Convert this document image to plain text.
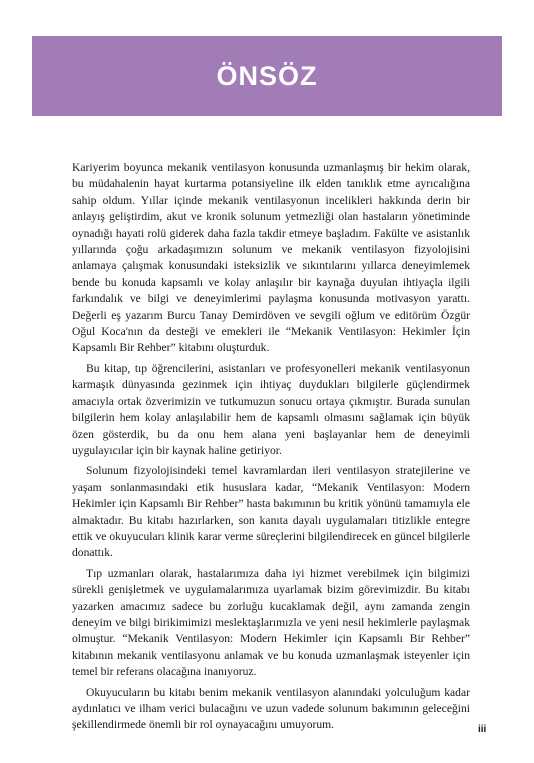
ÖNSÖZ

Kariyerim boyunca mekanik ventilasyon konusunda uzmanlaşmış bir hekim olarak, bu müdahalenin hayat kurtarma potansiyeline ilk elden tanıklık etme ayrıcalığına sahip oldum. Yıllar içinde mekanik ventilasyonun incelikleri hakkında derin bir anlayış geliştirdim, akut ve kronik solunum yetmezliği olan hastaların yönetiminde oynadığı hayati rolü giderek daha fazla takdir etmeye başladım. Fakülte ve asistanlık yıllarında çoğu arkadaşımızın solunum ve mekanik ventilasyon fizyolojisini anlamaya çalışmak konusundaki isteksizlik ve sıkıntılarını yıllarca deneyimlemek bende bu konuda kapsamlı ve kolay anlaşılır bir kaynağa duyulan ihtiyaçla ilgili farkındalık ve bilgi ve deneyimlerimi paylaşma konusunda motivasyon yarattı. Değerli eş yazarım Burcu Tanay Demirdöven ve sevgili oğlum ve editörüm Özgür Oğul Koca'nın da desteği ve emekleri ile “Mekanik Ventilasyon: Hekimler İçin Kapsamlı Bir Rehber” kitabını oluşturduk.

Bu kitap, tıp öğrencilerini, asistanları ve profesyonelleri mekanik ventilasyonun karmaşık dünyasında gezinmek için ihtiyaç duydukları bilgilerle güçlendirmek amacıyla ortak özverimizin ve tutkumuzun sonucu ortaya çıkmıştır. Burada sunulan bilgilerin hem kolay anlaşılabilir hem de kapsamlı olmasını sağlamak için büyük özen gösterdik, bu da onu hem alana yeni başlayanlar hem de deneyimli uygulayıcılar için bir kaynak haline getiriyor.

Solunum fizyolojisindeki temel kavramlardan ileri ventilasyon stratejilerine ve yaşam sonlanmasındaki etik hususlara kadar, “Mekanik Ventilasyon: Modern Hekimler için Kapsamlı Bir Rehber” hasta bakımının bu kritik yönünü tamamıyla ele almaktadır. Bu kitabı hazırlarken, son kanıta dayalı uygulamaları titizlikle entegre ettik ve okuyucuları klinik karar verme süreçlerini bilgilendirecek en güncel bilgilerle donattık.

Tıp uzmanları olarak, hastalarımıza daha iyi hizmet verebilmek için bilgimizi sürekli genişletmek ve uygulamalarımıza uyarlamak bizim görevimizdir. Bu kitabı yazarken amacımız sadece bu zorluğu kucaklamak değil, aynı zamanda zengin deneyim ve bilgi birikimimizi meslektaşlarımızla ve yeni nesil hekimlerle paylaşmak olmuştur. “Mekanik Ventilasyon: Modern Hekimler için Kapsamlı Bir Rehber” kitabının mekanik ventilasyonu anlamak ve bu konuda uzmanlaşmak isteyenler için temel bir referans olacağına inanıyoruz.

Okuyucuların bu kitabı benim mekanik ventilasyon alanındaki yolculuğum kadar aydınlatıcı ve ilham verici bulacağını ve uzun vadede solunum bakımının geleceğini şekillendirmede önemli bir rol oynayacağını umuyorum.	iii
